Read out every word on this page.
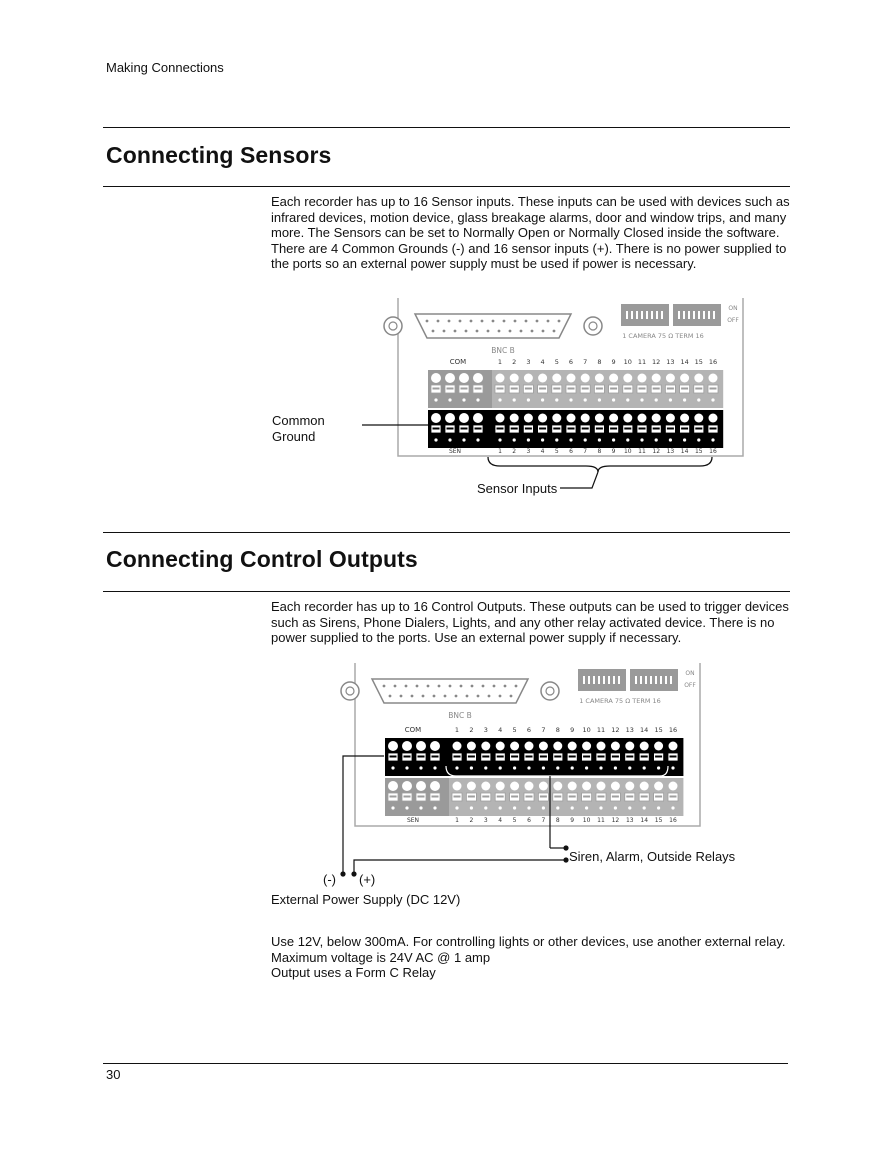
Making Connections
Connecting Sensors

Each recorder has up to 16 Sensor inputs. These inputs can be used with devices such as infrared devices, motion device, glass breakage alarms, door and window trips, and many more. The Sensors can be set to Normally Open or Normally Closed inside the software.

There are 4 Common Grounds (-) and 16 sensor inputs (+). There is no power supplied to the ports so an external power supply must be used if power is necessary.

ON
OFF
1 CAMERA 75 Ω TERM 16
BNC B
COM	1 2 3 4 5 6 7 8 9 10 11 12 13 14 15 16
SEN	1 2 3 4 5 6 7 8 9 10 11 12 13 14 15 16
ON
OFF
1 CAMERA 75 Ω TERM 16
BNC B
COM	1 2 3 4 5 6 7 8 9 10 11 12 13 14 15 16
SEN	1 2 3 4 5 6 7 8 9 10 11 12 13 14 15 16
Common
Ground
Sensor Inputs
Connecting Control Outputs

Each recorder has up to 16 Control Outputs. These outputs can be used to trigger devices such as Sirens, Phone Dialers, Lights, and any other relay activated device. There is no power supplied to the ports. Use an external power supply if necessary.

Siren, Alarm, Outside Relays
(-) (+)
External Power Supply (DC 12V)

Use 12V, below 300mA. For controlling lights or other devices, use another external relay.

Maximum voltage is 24V AC @ 1 amp

Output uses a Form C Relay

30
